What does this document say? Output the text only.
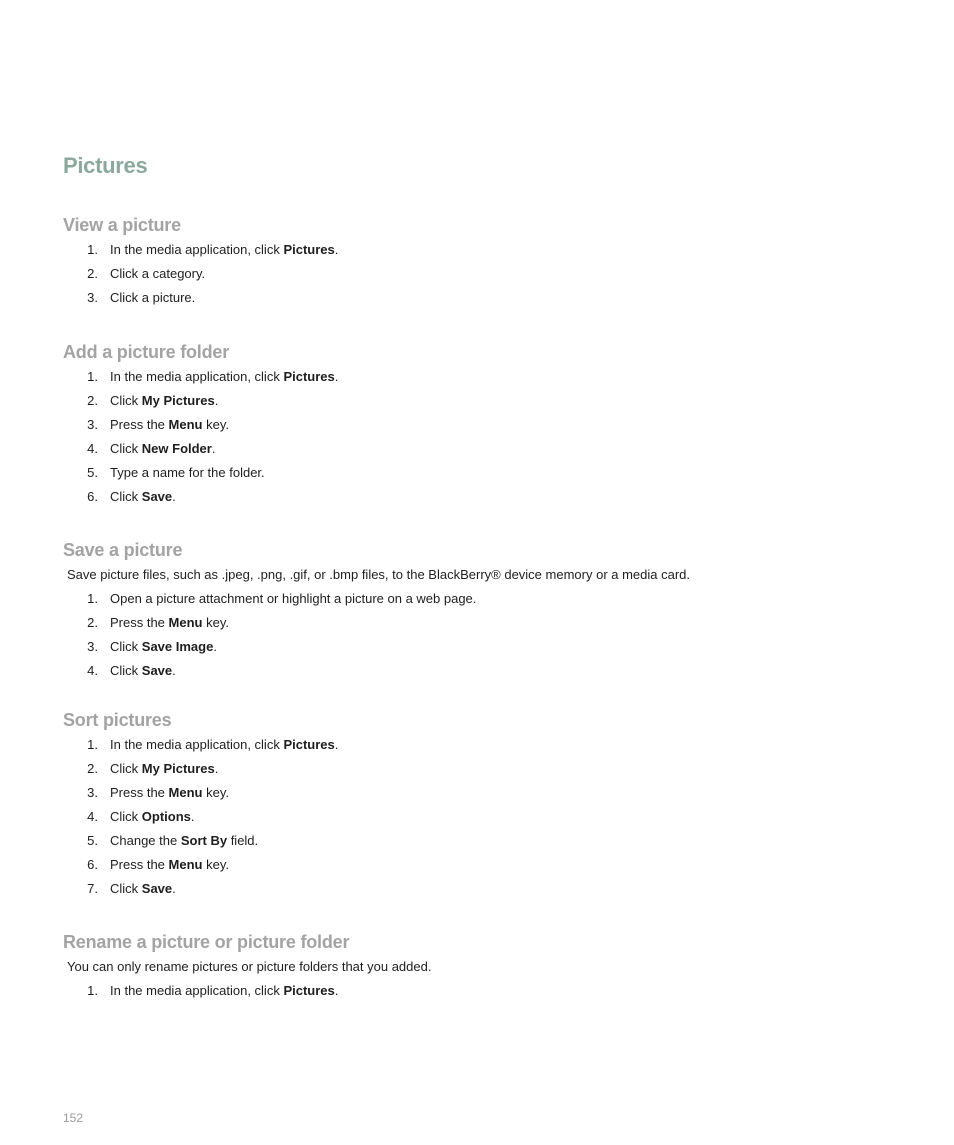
Pictures
View a picture
1. In the media application, click Pictures.
2. Click a category.
3. Click a picture.
Add a picture folder
1. In the media application, click Pictures.
2. Click My Pictures.
3. Press the Menu key.
4. Click New Folder.
5. Type a name for the folder.
6. Click Save.
Save a picture

Save picture files, such as .jpeg, .png, .gif, or .bmp files, to the BlackBerry® device memory or a media card.

1. Open a picture attachment or highlight a picture on a web page.
2. Press the Menu key.
3. Click Save Image.
4. Click Save.
Sort pictures
1. In the media application, click Pictures.
2. Click My Pictures.
3. Press the Menu key.
4. Click Options.
5. Change the Sort By field.
6. Press the Menu key.
7. Click Save.
Rename a picture or picture folder

You can only rename pictures or picture folders that you added.

1. In the media application, click Pictures.
152
